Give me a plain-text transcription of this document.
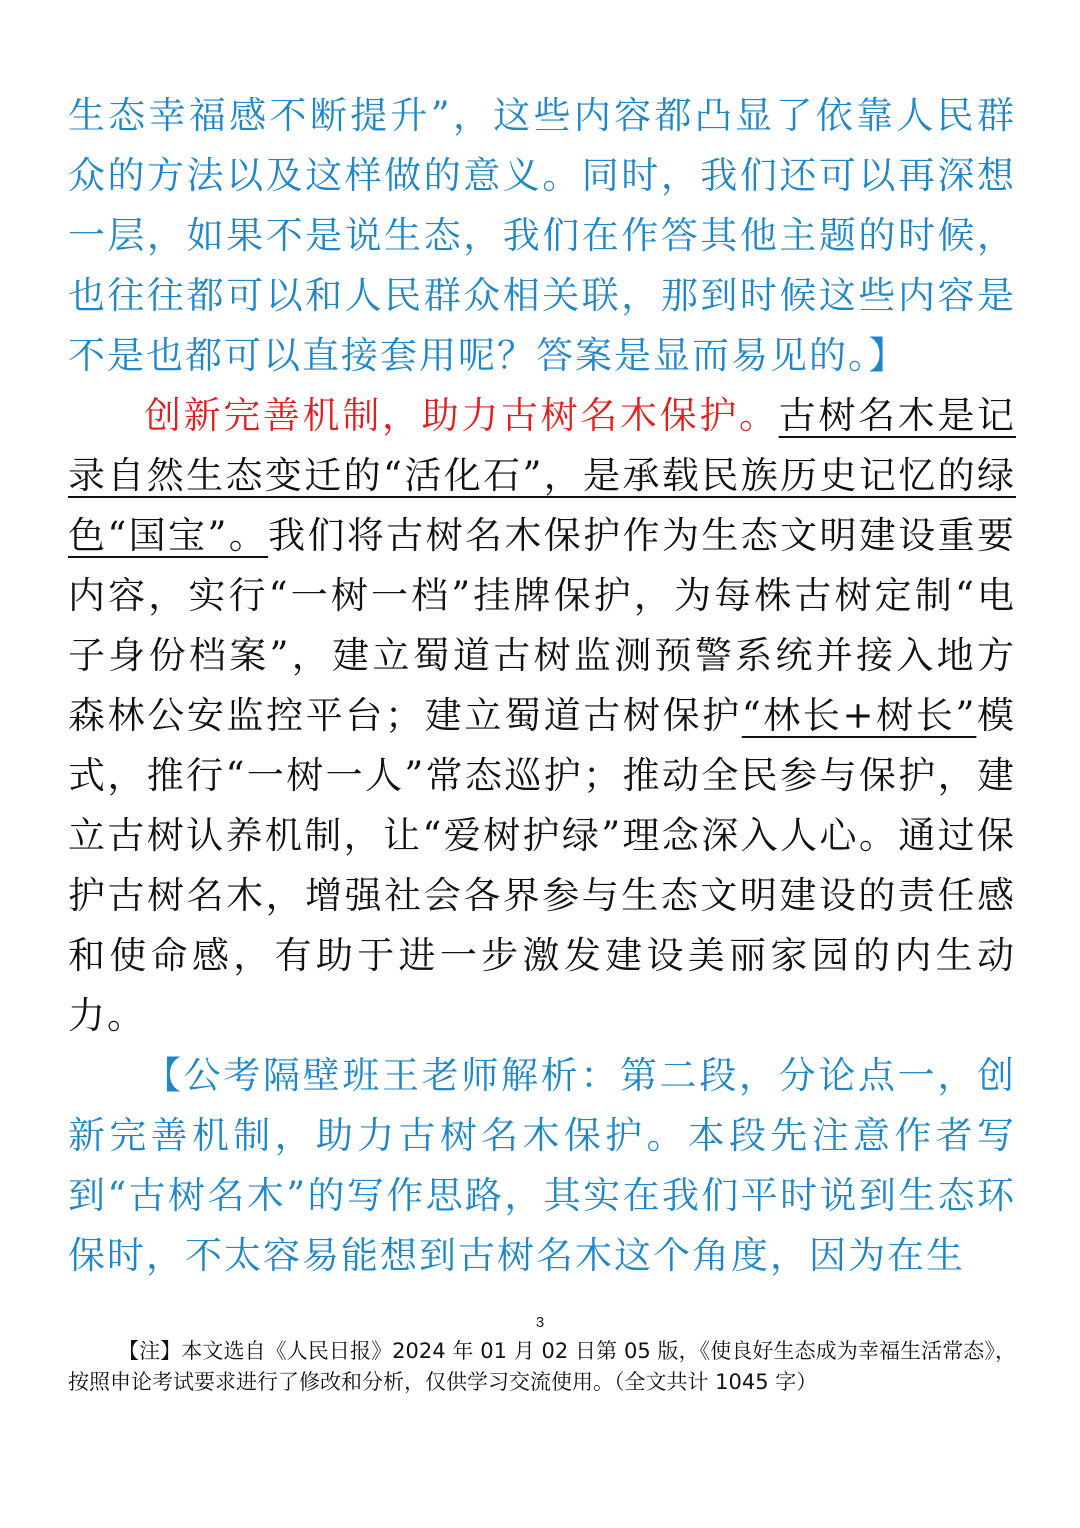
生态幸福感不断提升”，这些内容都凸显了依靠人民群众的方法以及这样做的意义。同时，我们还可以再深想一层，如果不是说生态，我们在作答其他主题的时候，也往往都可以和人民群众相关联，那到时候这些内容是不是也都可以直接套用呢？答案是显而易见的。】

创新完善机制，助力古树名木保护。古树名木是记录自然生态变迁的“活化石”，是承载民族历史记忆的绿色“国宝”。我们将古树名木保护作为生态文明建设重要内容，实行“一树一档”挂牌保护，为每株古树定制“电子身份档案”，建立蜀道古树监测预警系统并接入地方森林公安监控平台；建立蜀道古树保护“林长+树长”模式，推行“一树一人”常态巡护；推动全民参与保护，建立古树认养机制，让“爱树护绿”理念深入人心。通过保护古树名木，增强社会各界参与生态文明建设的责任感和使命感，有助于进一步激发建设美丽家园的内生动力。

【公考隔壁班王老师解析：第二段，分论点一，创新完善机制，助力古树名木保护。本段先注意作者写到“古树名木”的写作思路，其实在我们平时说到生态环保时，不太容易能想到古树名木这个角度，因为在生

3
【注】本文选自《人民日报》2024 年 01 月 02 日第 05 版，《使良好生态成为幸福生活常态》，按照申论考试要求进行了修改和分析，仅供学习交流使用。（全文共计 1045 字）
